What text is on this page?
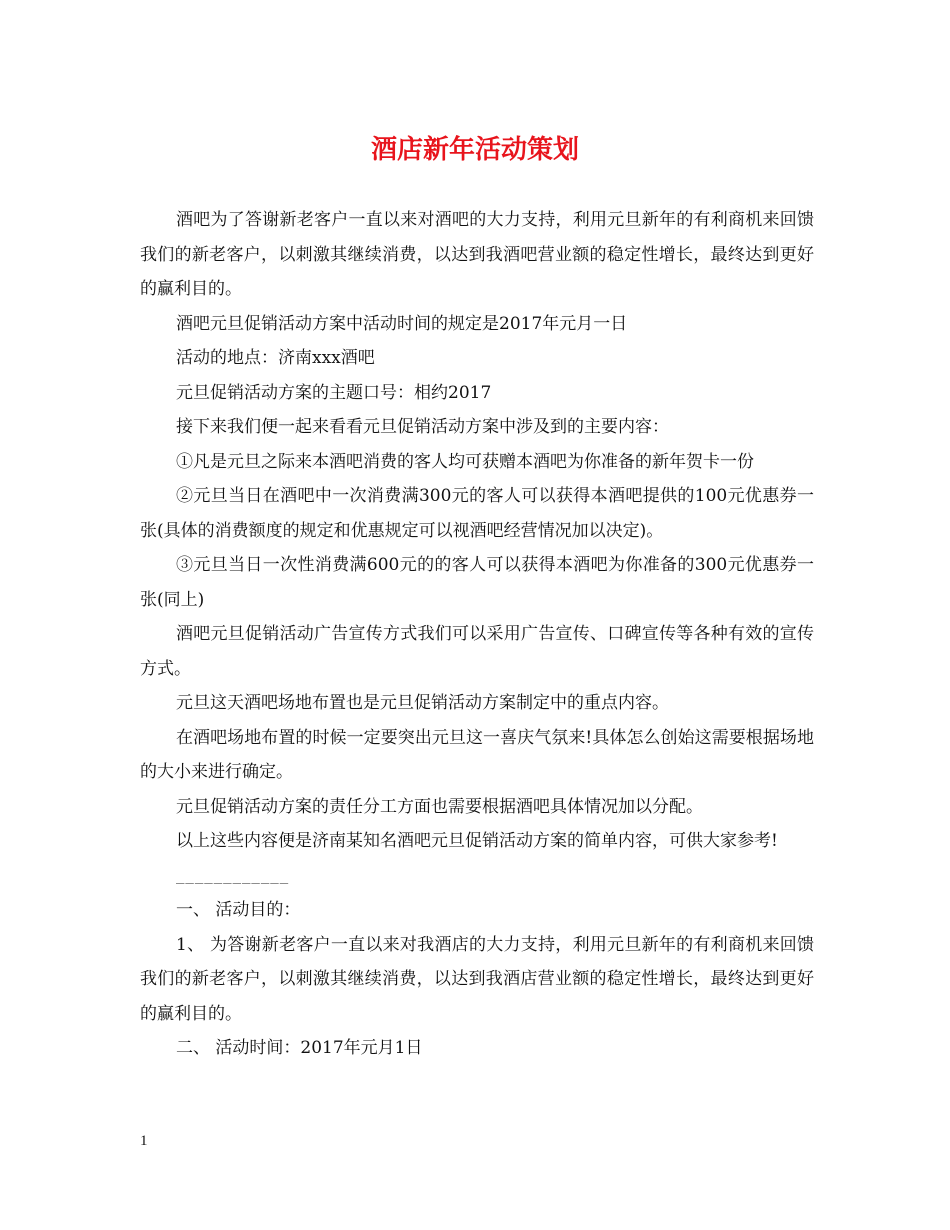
酒店新年活动策划

酒吧为了答谢新老客户一直以来对酒吧的大力支持，利用元旦新年的有利商机来回馈我们的新老客户，以刺激其继续消费，以达到我酒吧营业额的稳定性增长，最终达到更好的赢利目的。

酒吧元旦促销活动方案中活动时间的规定是2017年元月一日

活动的地点：济南xxx酒吧

元旦促销活动方案的主题口号：相约2017

接下来我们便一起来看看元旦促销活动方案中涉及到的主要内容：

①凡是元旦之际来本酒吧消费的客人均可获赠本酒吧为你准备的新年贺卡一份

②元旦当日在酒吧中一次消费满300元的客人可以获得本酒吧提供的100元优惠券一张(具体的消费额度的规定和优惠规定可以视酒吧经营情况加以决定)。

③元旦当日一次性消费满600元的的客人可以获得本酒吧为你准备的300元优惠券一张(同上)

酒吧元旦促销活动广告宣传方式我们可以采用广告宣传、口碑宣传等各种有效的宣传方式。

元旦这天酒吧场地布置也是元旦促销活动方案制定中的重点内容。

在酒吧场地布置的时候一定要突出元旦这一喜庆气氛来!具体怎么创始这需要根据场地的大小来进行确定。

元旦促销活动方案的责任分工方面也需要根据酒吧具体情况加以分配。

以上这些内容便是济南某知名酒吧元旦促销活动方案的简单内容，可供大家参考!

____________

一、 活动目的：

1、 为答谢新老客户一直以来对我酒店的大力支持，利用元旦新年的有利商机来回馈我们的新老客户，以刺激其继续消费，以达到我酒店营业额的稳定性增长，最终达到更好的赢利目的。

二、 活动时间：2017年元月1日

1
